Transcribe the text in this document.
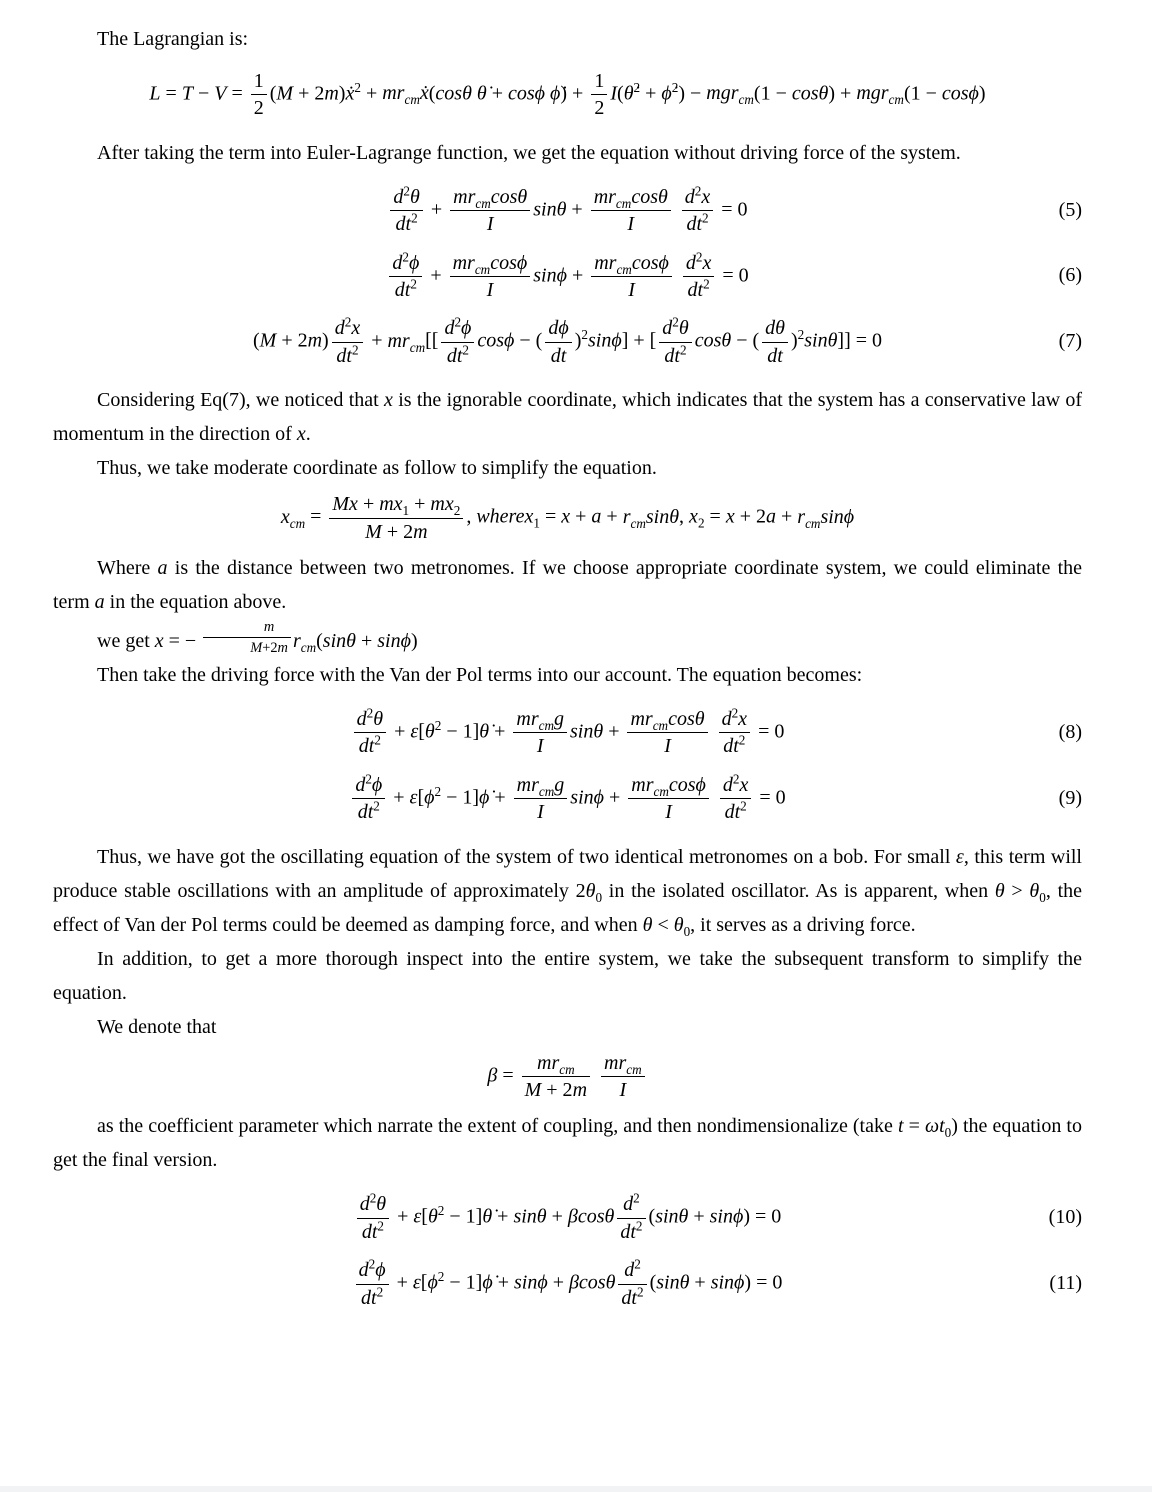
The Lagrangian is:

$L = T - V = \frac{1}{2} (M$ + 2m)ẋ$^2$ + $mr_{cm}ẋ(\cos\theta$ θ̇ + cosϕ ϕ̇) + $\frac{1}{2}$ I(θ̇$^2$ + ϕ̇$^2$) − mgr$_{cm}$(1 − cosθ) + mgr$_{cm}$(1 − cosϕ)

After taking the term into Euler-Lagrange function, we get the equation without driving force of the system.

$\frac{d^2\theta}{dt^2} + \frac{mr_{cm}\cos\theta}{I}$ $\sin\theta + \frac{mr_{cm}\cos\theta}{I}$
$\frac{d^2x}{dt^2} = 0$	(5)
$\frac{d^2\phi}{dt^2} + \frac{mr_{cm}\cos\phi}{I}$ $\sin\phi + \frac{mr_{cm}\cos\phi}{I}$
$\frac{d^2x}{dt^2} = 0$	(6)
$(M + 2m) \frac{d^2x}{dt^2} + mr_{cm}[[ \frac{d^2\phi}{dt^2}$ cosϕ − ( $\frac{d\phi}{dt} )^2\sin\phi$] + [ $\frac{d^2\theta}{dt^2}$ cosθ − ( $\frac{d\theta}{dt} )^2\sin\theta]] = 0$	(7)

Considering Eq(7), we noticed that x is the ignorable coordinate, which indicates that the system has a conservative law of momentum in the direction of x.

Thus, we take moderate coordinate as follow to simplify the equation.

$x_{cm} = \frac{Mx + mx_1 + mx_2}{M + 2m}$ , wherex$_1$ = $x + a + r_{cm}\sin\theta$, $x_2 = x + 2a + r_{cm}\sin\phi$

Where a is the distance between two metronomes. If we choose appropriate coordinate system, we could eliminate the term a in the equation above.

we get x = − $\frac{m}{M+2m} r_{cm}(\sin\theta + \sin\phi)$

Then take the driving force with the Van der Pol terms into our account. The equation becomes:

$\frac{d^2\theta}{dt^2} + \varepsilon[\theta^2$ − 1]θ̇ + $\frac{mr_{cm}g}{I}$ $\sin\theta + \frac{mr_{cm}\cos\theta}{I}$
$\frac{d^2x}{dt^2} = 0$	(8)
$\frac{d^2\phi}{dt^2} + \varepsilon[\phi^2$ − 1]ϕ̇ + $\frac{mr_{cm}g}{I}$ $\sin\phi + \frac{mr_{cm}\cos\phi}{I}$
$\frac{d^2x}{dt^2} = 0$	(9)

Thus, we have got the oscillating equation of the system of two identical metronomes on a bob. For small ε, this term will produce stable oscillations with an amplitude of approximately $2\theta_0$ in the isolated oscillator. As is apparent, when $\theta > \theta_0$, the effect of Van der Pol terms could be deemed as damping force, and when $\theta < \theta_0$, it serves as a driving force.

In addition, to get a more thorough inspect into the entire system, we take the subsequent transform to simplify the equation.

We denote that

$\beta = \frac{mr_{cm}}{M + 2m}$
$\frac{mr_{cm}}{I}$

as the coefficient parameter which narrate the extent of coupling, and then nondimensionalize (take $t = \omega t_0$) the equation to get the final version.

$\frac{d^2\theta}{dt^2} + \varepsilon[\theta^2$ − 1]θ̇ + sinθ + βcosθ $\frac{d^2}{dt^2} (\sin\theta + \sin\phi) = 0$	(10)
$\frac{d^2\phi}{dt^2} + \varepsilon[\phi^2$ − 1]ϕ̇ + sinϕ + βcosθ $\frac{d^2}{dt^2} (\sin\theta + \sin\phi) = 0$	(11)
